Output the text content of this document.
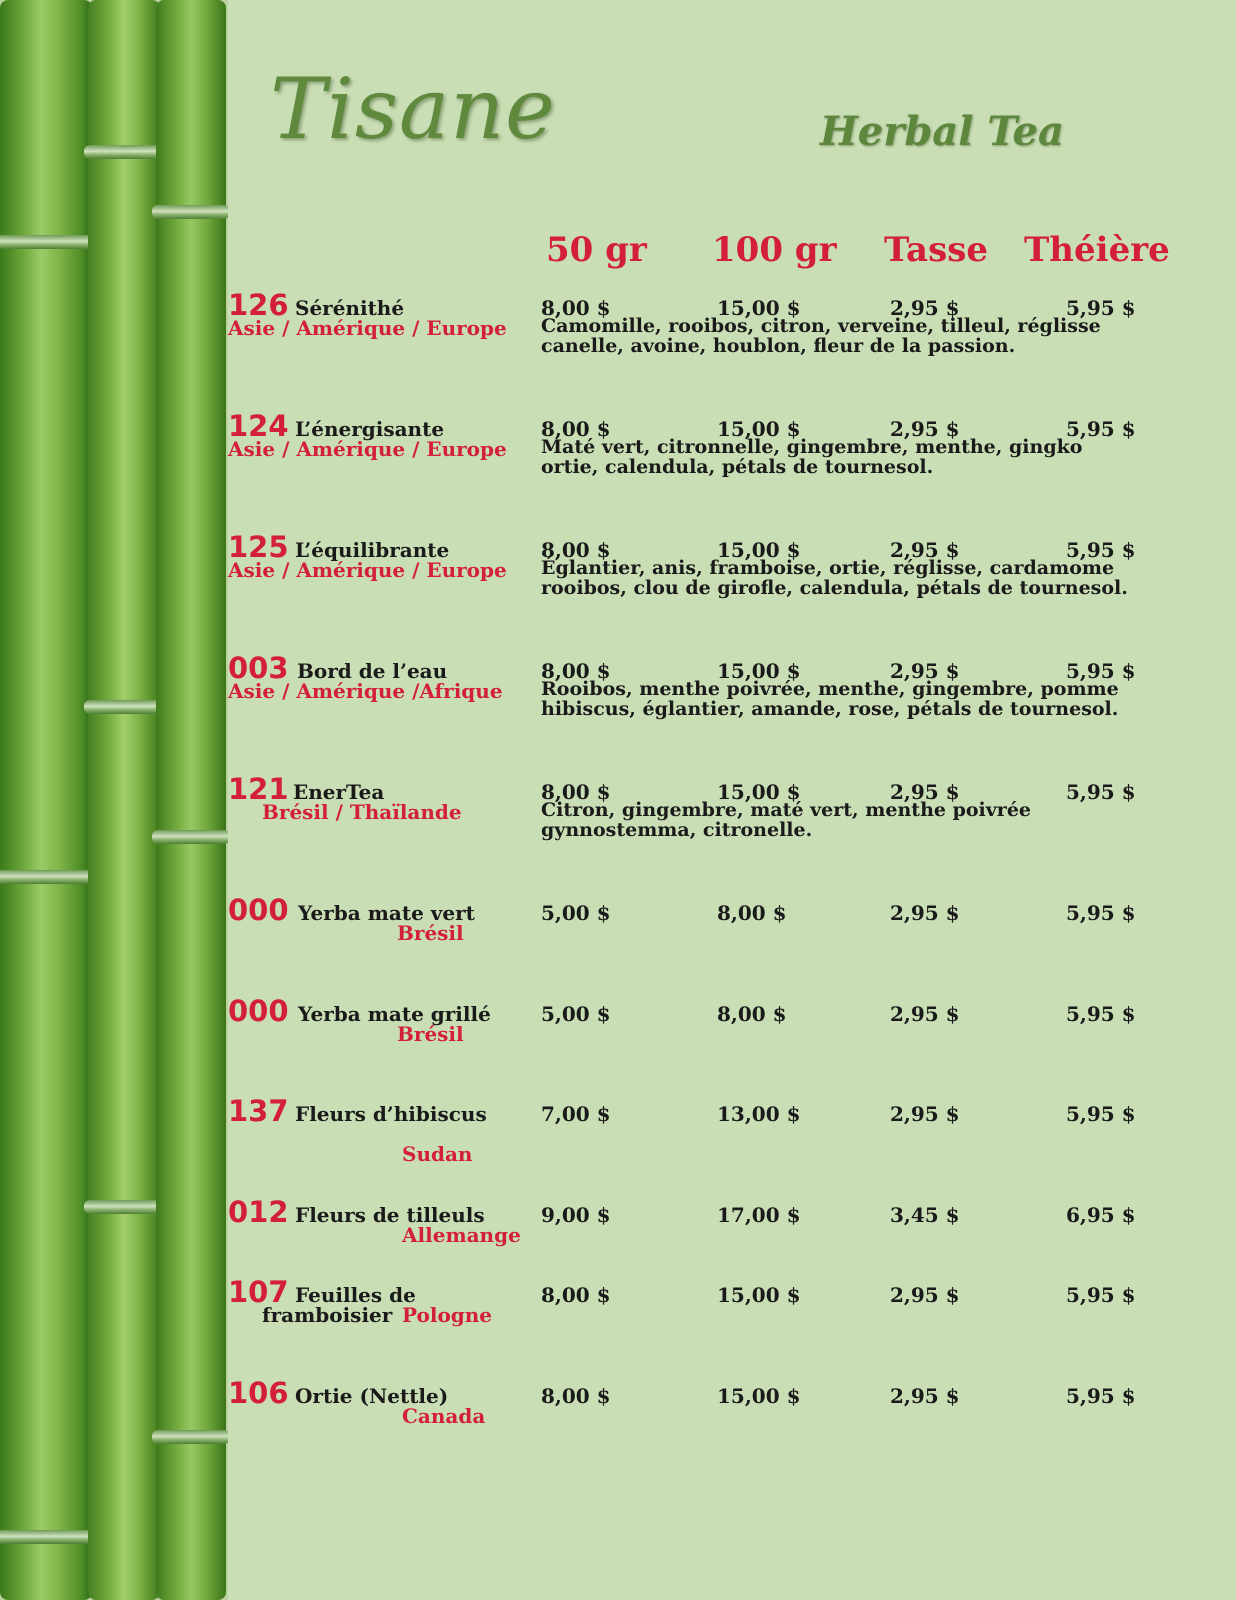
Tisane	Herbal Tea
50 gr 100 gr Tasse Théière
126 Sérénithé
Asie / Amérique / Europe
8,00 $	15,00 $	2,95 $	5,95 $
Camomille, rooibos, citron, verveine, tilleul, réglisse
canelle, avoine, houblon, fleur de la passion.
124 L’énergisante
Asie / Amérique / Europe
8,00 $	15,00 $	2,95 $	5,95 $
Maté vert, citronnelle, gingembre, menthe, gingko
ortie, calendula, pétals de tournesol.
125 L’équilibrante
Asie / Amérique / Europe
8,00 $	15,00 $	2,95 $	5,95 $
Églantier, anis, framboise, ortie, réglisse, cardamome
rooibos, clou de girofle, calendula, pétals de tournesol.
003 Bord de l’eau
Asie / Amérique /Afrique
8,00 $	15,00 $	2,95 $	5,95 $
Rooibos, menthe poivrée, menthe, gingembre, pomme
hibiscus, églantier, amande, rose, pétals de tournesol.
121 EnerTea
Brésil / Thaïlande
8,00 $	15,00 $	2,95 $	5,95 $
Citron, gingembre, maté vert, menthe poivrée
gynnostemma, citronelle.
000 Yerba mate vert
Brésil
5,00 $	8,00 $	2,95 $	5,95 $
000 Yerba mate grillé
Brésil
5,00 $	8,00 $	2,95 $	5,95 $
137 Fleurs d’hibiscus
Sudan
7,00 $	13,00 $	2,95 $	5,95 $
012 Fleurs de tilleuls
Allemange
9,00 $	17,00 $	3,45 $	6,95 $
107 Feuilles de
framboisier Pologne
8,00 $	15,00 $	2,95 $	5,95 $
106 Ortie (Nettle)
Canada
8,00 $	15,00 $	2,95 $	5,95 $
